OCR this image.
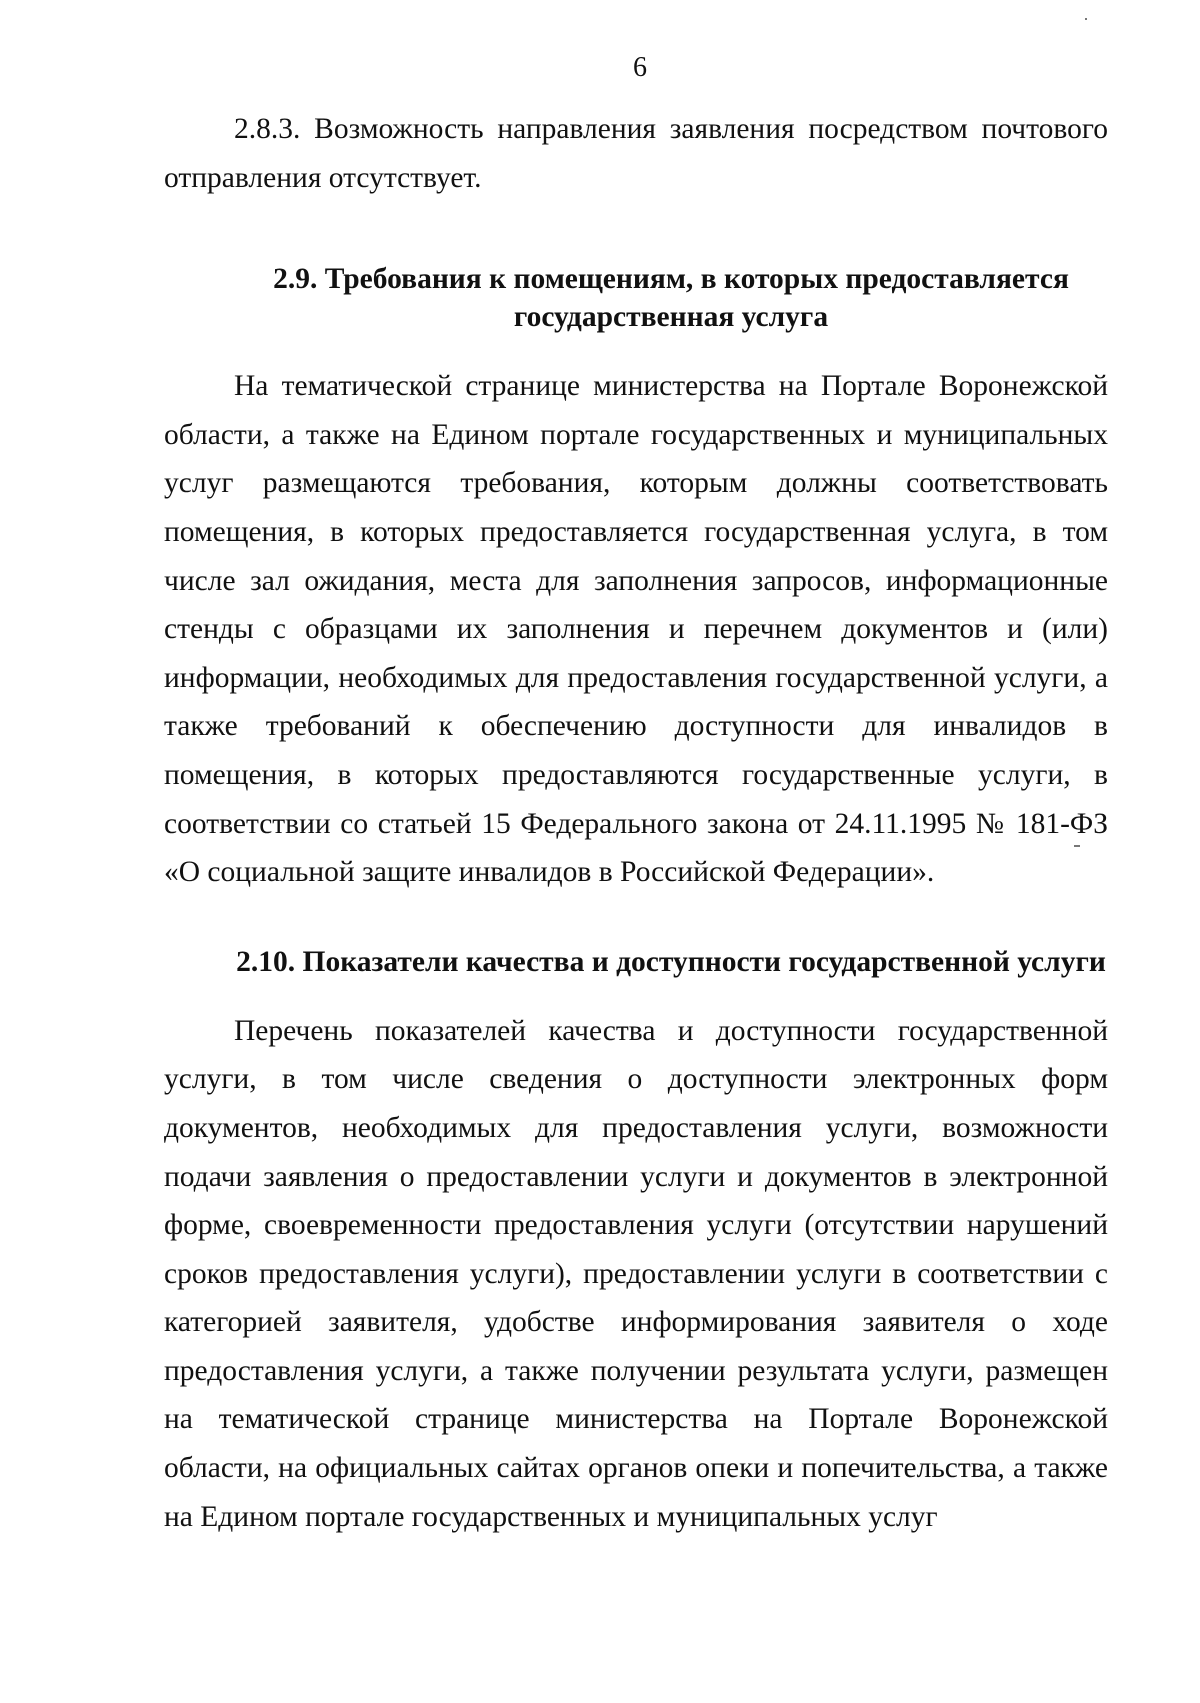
6

2.8.3. Возможность направления заявления посредством почтового отправления отсутствует.

2.9. Требования к помещениям, в которых предоставляется государственная услуга

На тематической странице министерства на Портале Воронежской области, а также на Едином портале государственных и муниципальных услуг размещаются требования, которым должны соответствовать помещения, в которых предоставляется государственная услуга, в том числе зал ожидания, места для заполнения запросов, информационные стенды с образцами их заполнения и перечнем документов и (или) информации, необходимых для предоставления государственной услуги, а также требований к обеспечению доступности для инвалидов в помещения, в которых предоставляются государственные услуги, в соответствии со статьей 15 Федерального закона от 24.11.1995 № 181-ФЗ «О социальной защите инвалидов в Российской Федерации».

2.10. Показатели качества и доступности государственной услуги

Перечень показателей качества и доступности государственной услуги, в том числе сведения о доступности электронных форм документов, необходимых для предоставления услуги, возможности подачи заявления о предоставлении услуги и документов в электронной форме, своевременности предоставления услуги (отсутствии нарушений сроков предоставления услуги), предоставлении услуги в соответствии с категорией заявителя, удобстве информирования заявителя о ходе предоставления услуги, а также получении результата услуги, размещен на тематической странице министерства на Портале Воронежской области, на официальных сайтах органов опеки и попечительства, а также на Едином портале государственных и муниципальных услуг
